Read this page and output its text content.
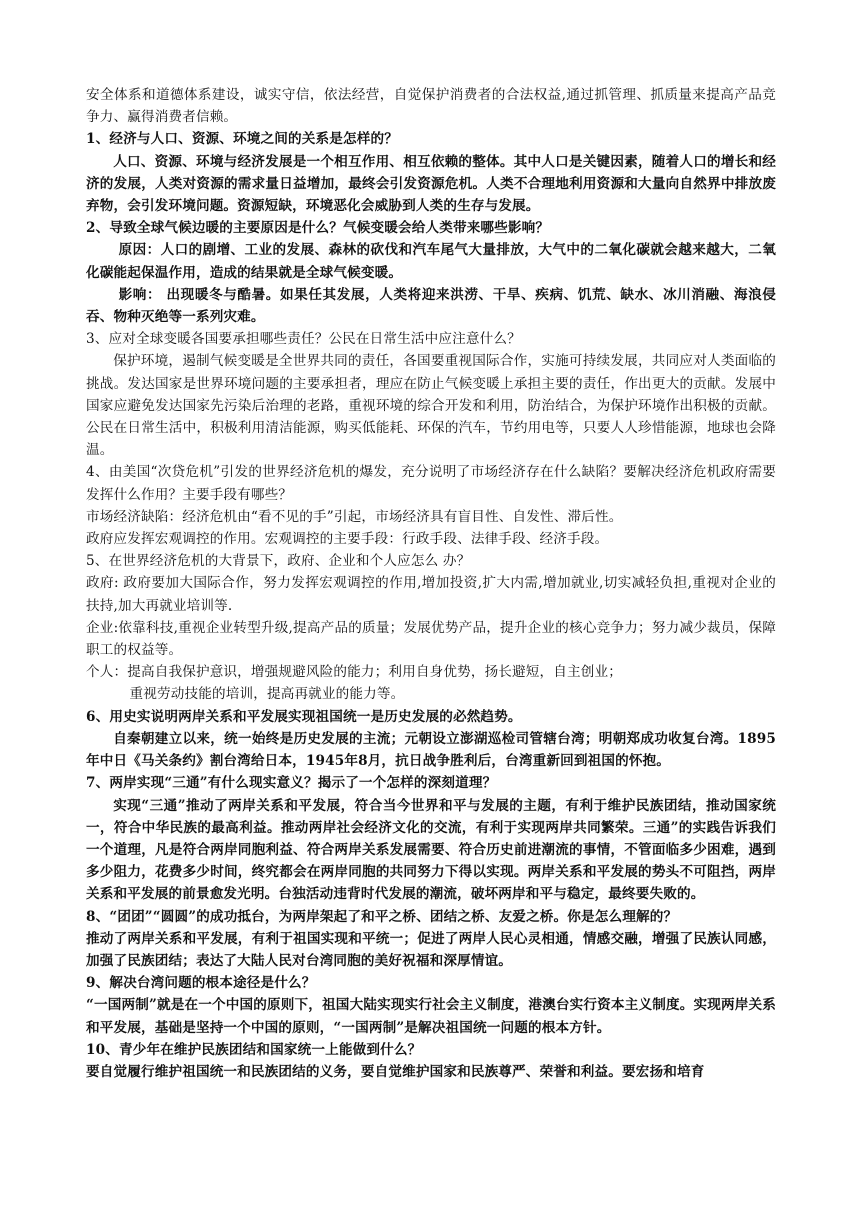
安全体系和道德体系建设，诚实守信，依法经营，自觉保护消费者的合法权益,通过抓管理、抓质量来提高产品竞争力、赢得消费者信赖。

1、经济与人口、资源、环境之间的关系是怎样的？

人口、资源、环境与经济发展是一个相互作用、相互依赖的整体。其中人口是关键因素，随着人口的增长和经济的发展，人类对资源的需求量日益增加，最终会引发资源危机。人类不合理地利用资源和大量向自然界中排放废弃物，会引发环境问题。资源短缺，环境恶化会威胁到人类的生存与发展。

2、导致全球气候边暖的主要原因是什么？气候变暖会给人类带来哪些影响？

原因：人口的剧增、工业的发展、森林的砍伐和汽车尾气大量排放，大气中的二氧化碳就会越来越大，二氧化碳能起保温作用，造成的结果就是全球气候变暖。

影响： 出现暖冬与酷暑。如果任其发展，人类将迎来洪涝、干旱、疾病、饥荒、缺水、冰川消融、海浪侵吞、物种灭绝等一系列灾难。

3、应对全球变暖各国要承担哪些责任？公民在日常生活中应注意什么？

保护环境，遏制气候变暖是全世界共同的责任，各国要重视国际合作，实施可持续发展，共同应对人类面临的挑战。发达国家是世界环境问题的主要承担者，理应在防止气候变暖上承担主要的责任，作出更大的贡献。发展中国家应避免发达国家先污染后治理的老路，重视环境的综合开发和利用，防治结合，为保护环境作出积极的贡献。公民在日常生活中，积极利用清洁能源，购买低能耗、环保的汽车，节约用电等，只要人人珍惜能源，地球也会降温。

4、由美国“次贷危机”引发的世界经济危机的爆发，充分说明了市场经济存在什么缺陷？要解决经济危机政府需要发挥什么作用？主要手段有哪些？

市场经济缺陷：经济危机由“看不见的手”引起，市场经济具有盲目性、自发性、滞后性。

政府应发挥宏观调控的作用。宏观调控的主要手段：行政手段、法律手段、经济手段。

5、在世界经济危机的大背景下，政府、企业和个人应怎么 办？

政府: 政府要加大国际合作，努力发挥宏观调控的作用,增加投资,扩大内需,增加就业,切实减轻负担,重视对企业的扶持,加大再就业培训等.

企业:依靠科技,重视企业转型升级,提高产品的质量；发展优势产品，提升企业的核心竞争力；努力减少裁员，保障职工的权益等。

个人：提高自我保护意识，增强规避风险的能力；利用自身优势，扬长避短，自主创业；

重视劳动技能的培训，提高再就业的能力等。

6、用史实说明两岸关系和平发展实现祖国统一是历史发展的必然趋势。

自秦朝建立以来，统一始终是历史发展的主流；元朝设立澎湖巡检司管辖台湾；明朝郑成功收复台湾。1895年中日《马关条约》割台湾给日本，1945年8月，抗日战争胜利后，台湾重新回到祖国的怀抱。

7、两岸实现“三通”有什么现实意义？揭示了一个怎样的深刻道理？

实现“三通”推动了两岸关系和平发展，符合当今世界和平与发展的主题，有利于维护民族团结，推动国家统一，符合中华民族的最高利益。推动两岸社会经济文化的交流，有利于实现两岸共同繁荣。三通”的实践告诉我们一个道理，凡是符合两岸同胞利益、符合两岸关系发展需要、符合历史前进潮流的事情，不管面临多少困难，遇到多少阻力，花费多少时间，终究都会在两岸同胞的共同努力下得以实现。两岸关系和平发展的势头不可阻挡，两岸关系和平发展的前景愈发光明。台独活动违背时代发展的潮流，破坏两岸和平与稳定，最终要失败的。

8、“团团”“圆圆”的成功抵台，为两岸架起了和平之桥、团结之桥、友爱之桥。你是怎么理解的？

推动了两岸关系和平发展，有利于祖国实现和平统一；促进了两岸人民心灵相通，情感交融，增强了民族认同感，加强了民族团结；表达了大陆人民对台湾同胞的美好祝福和深厚情谊。

9、解决台湾问题的根本途径是什么？

“一国两制”就是在一个中国的原则下，祖国大陆实现实行社会主义制度，港澳台实行资本主义制度。实现两岸关系和平发展，基础是坚持一个中国的原则，“一国两制”是解决祖国统一问题的根本方针。

10、青少年在维护民族团结和国家统一上能做到什么？

要自觉履行维护祖国统一和民族团结的义务，要自觉维护国家和民族尊严、荣誉和利益。要宏扬和培育
